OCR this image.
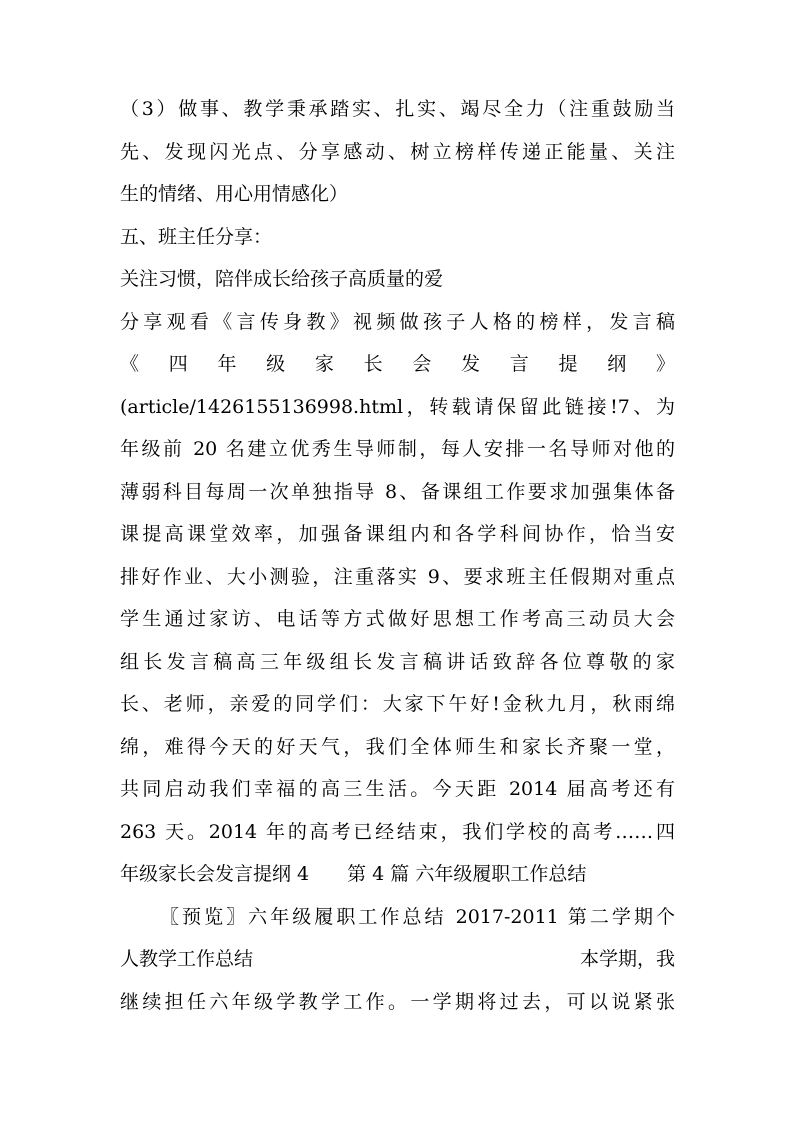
（3）做事、教学秉承踏实、扎实、竭尽全力（注重鼓励当
先、发现闪光点、分享感动、树立榜样传递正能量、关注
生的情绪、用心用情感化）
五、班主任分享：
关注习惯，陪伴成长给孩子高质量的爱
分享观看《言传身教》视频做孩子人格的榜样，发言稿
《四年级家长会发言提纲》
(article/1426155136998.html，转载请保留此链接!7、为
年级前 20 名建立优秀生导师制，每人安排一名导师对他的
薄弱科目每周一次单独指导 8、备课组工作要求加强集体备
课提高课堂效率，加强备课组内和各学科间协作，恰当安
排好作业、大小测验，注重落实 9、要求班主任假期对重点
学生通过家访、电话等方式做好思想工作考高三动员大会
组长发言稿高三年级组长发言稿讲话致辞各位尊敬的家
长、老师，亲爱的同学们：大家下午好!金秋九月，秋雨绵
绵，难得今天的好天气，我们全体师生和家长齐聚一堂，
共同启动我们幸福的高三生活。今天距 2014 届高考还有
263 天。2014 年的高考已经结束，我们学校的高考……四
年级家长会发言提纲 4　　第 4 篇 六年级履职工作总结
〖预览〗六年级履职工作总结 2017-2011 第二学期个
人教学工作总结	本学期，我
继续担任六年级学教学工作。一学期将过去，可以说紧张
